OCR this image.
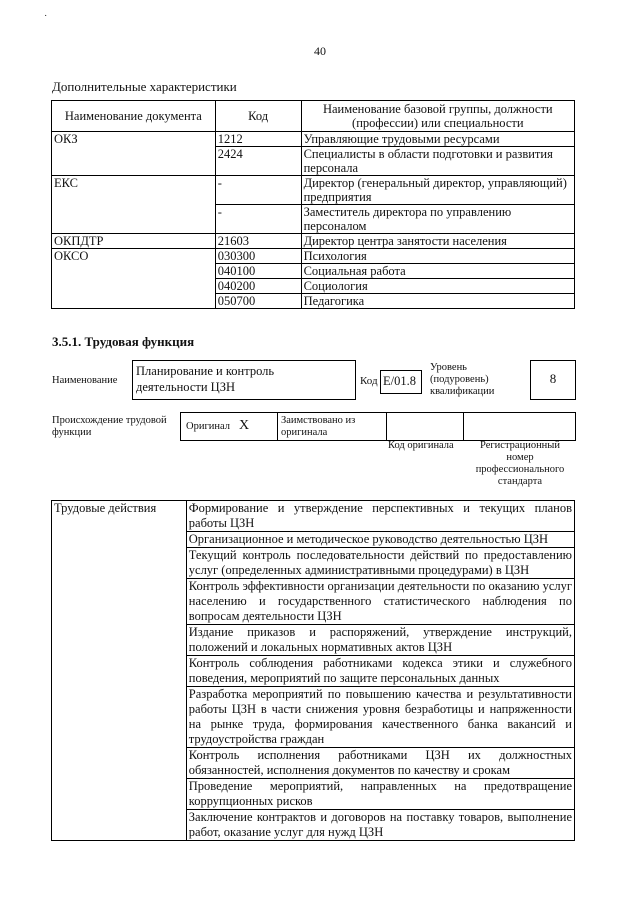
˙
40
Дополнительные характеристики
Наименование документа	Код	Наименование базовой группы, должности (профессии) или специальности
ОКЗ	1212	Управляющие трудовыми ресурсами
	2424	Специалисты в области подготовки и развития персонала
ЕКС	-	Директор (генеральный директор, управляющий) предприятия
	-	Заместитель директора по управлению персоналом
ОКПДТР	21603	Директор центра занятости населения
ОКСО	030300	Психология
	040100	Социальная работа
	040200	Социология
	050700	Педагогика
3.5.1. Трудовая функция
Наименование
Планирование и контроль деятельности ЦЗН	Код E/01.8
Уровень (подуровень) квалификации
8
Происхождение трудовой функции
Оригинал X	Заимствовано из оригинала
Код оригинала	Регистрационный номер профессионального стандарта
Трудовые действия	Формирование и утверждение перспективных и текущих планов работы ЦЗН
Организационное и методическое руководство деятельностью ЦЗН
Текущий контроль последовательности действий по предоставлению услуг (определенных административными процедурами) в ЦЗН
Контроль эффективности организации деятельности по оказанию услуг населению и государственного статистического наблюдения по вопросам деятельности ЦЗН
Издание приказов и распоряжений, утверждение инструкций, положений и локальных нормативных актов ЦЗН
Контроль соблюдения работниками кодекса этики и служебного поведения, мероприятий по защите персональных данных
Разработка мероприятий по повышению качества и результативности работы ЦЗН в части снижения уровня безработицы и напряженности на рынке труда, формирования качественного банка вакансий и трудоустройства граждан
Контроль исполнения работниками ЦЗН их должностных обязанностей, исполнения документов по качеству и срокам
Проведение мероприятий, направленных на предотвращение коррупционных рисков
Заключение контрактов и договоров на поставку товаров, выполнение работ, оказание услуг для нужд ЦЗН
